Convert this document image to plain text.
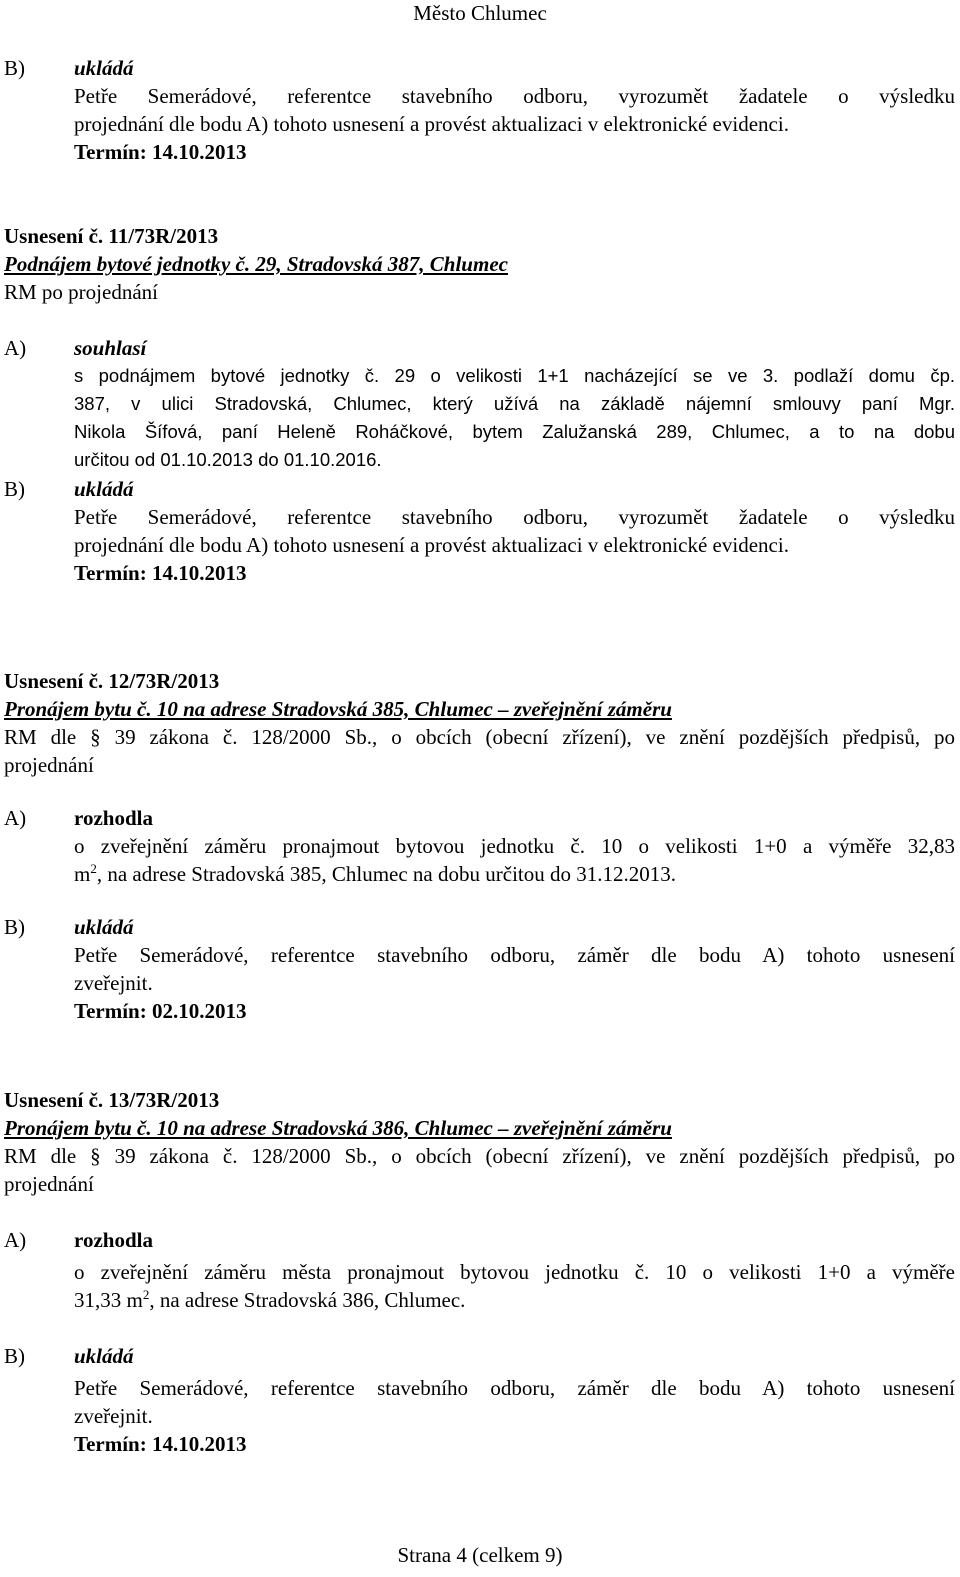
Město Chlumec
B) ukládá
Petře Semerádové, referentce stavebního odboru, vyrozumět žadatele o výsledku
projednání dle bodu A) tohoto usnesení a provést aktualizaci v elektronické evidenci.
Termín: 14.10.2013
Usnesení č. 11/73R/2013
Podnájem bytové jednotky č. 29, Stradovská 387, Chlumec
RM po projednání
A) souhlasí
s podnájmem bytové jednotky č. 29 o velikosti 1+1 nacházející se ve 3. podlaží domu čp.
387, v ulici Stradovská, Chlumec, který užívá na základě nájemní smlouvy paní Mgr.
Nikola Šífová, paní Heleně Roháčkové, bytem Zalužanská 289, Chlumec, a to na dobu
určitou od 01.10.2013 do 01.10.2016.
B) ukládá
Petře Semerádové, referentce stavebního odboru, vyrozumět žadatele o výsledku
projednání dle bodu A) tohoto usnesení a provést aktualizaci v elektronické evidenci.
Termín: 14.10.2013
Usnesení č. 12/73R/2013
Pronájem bytu č. 10 na adrese Stradovská 385, Chlumec – zveřejnění záměru
RM dle § 39 zákona č. 128/2000 Sb., o obcích (obecní zřízení), ve znění pozdějších předpisů, po
projednání
A) rozhodla
o zveřejnění záměru pronajmout bytovou jednotku č. 10 o velikosti 1+0 a výměře 32,83
$m^2$, na adrese Stradovská 385, Chlumec na dobu určitou do 31.12.2013.
B) ukládá
Petře Semerádové, referentce stavebního odboru, záměr dle bodu A) tohoto usnesení
zveřejnit.
Termín: 02.10.2013
Usnesení č. 13/73R/2013
Pronájem bytu č. 10 na adrese Stradovská 386, Chlumec – zveřejnění záměru
RM dle § 39 zákona č. 128/2000 Sb., o obcích (obecní zřízení), ve znění pozdějších předpisů, po
projednání
A) rozhodla
o zveřejnění záměru města pronajmout bytovou jednotku č. 10 o velikosti 1+0 a výměře
31,33 $m^2$, na adrese Stradovská 386, Chlumec.
B) ukládá
Petře Semerádové, referentce stavebního odboru, záměr dle bodu A) tohoto usnesení
zveřejnit.
Termín: 14.10.2013
Strana 4 (celkem 9)
